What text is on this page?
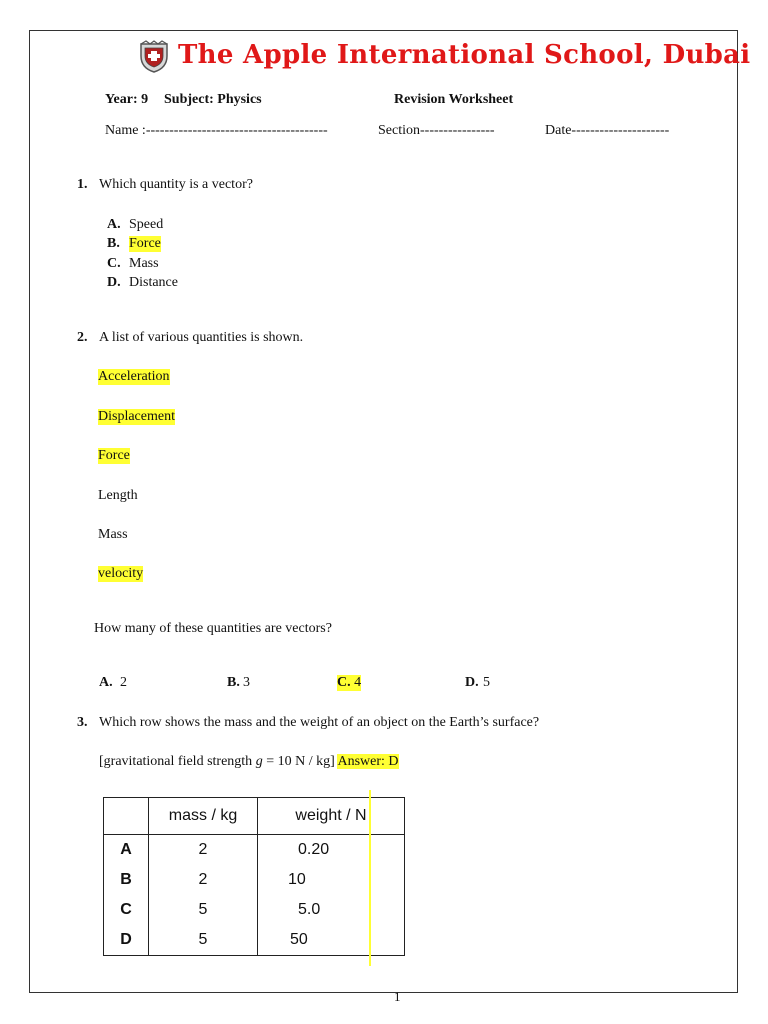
The Apple International School, Dubai
Year: 9 Subject: Physics	Revision Worksheet
Name :---------------------------------------	Section----------------	Date---------------------
1. Which quantity is a vector?
A. Speed
B. Force
C. Mass
D. Distance
2. A list of various quantities is shown.
Acceleration
Displacement
Force
Length
Mass
velocity
How many of these quantities are vectors?
A. 2	B. 3	C. 4	D. 5
3. Which row shows the mass and the weight of an object on the Earth’s surface?
[gravitational field strength g = 10 N / kg] Answer: D
	mass / kg	weight / N
A	2	0.20
B	2	10
C	5	5.0
D	5	50
1
